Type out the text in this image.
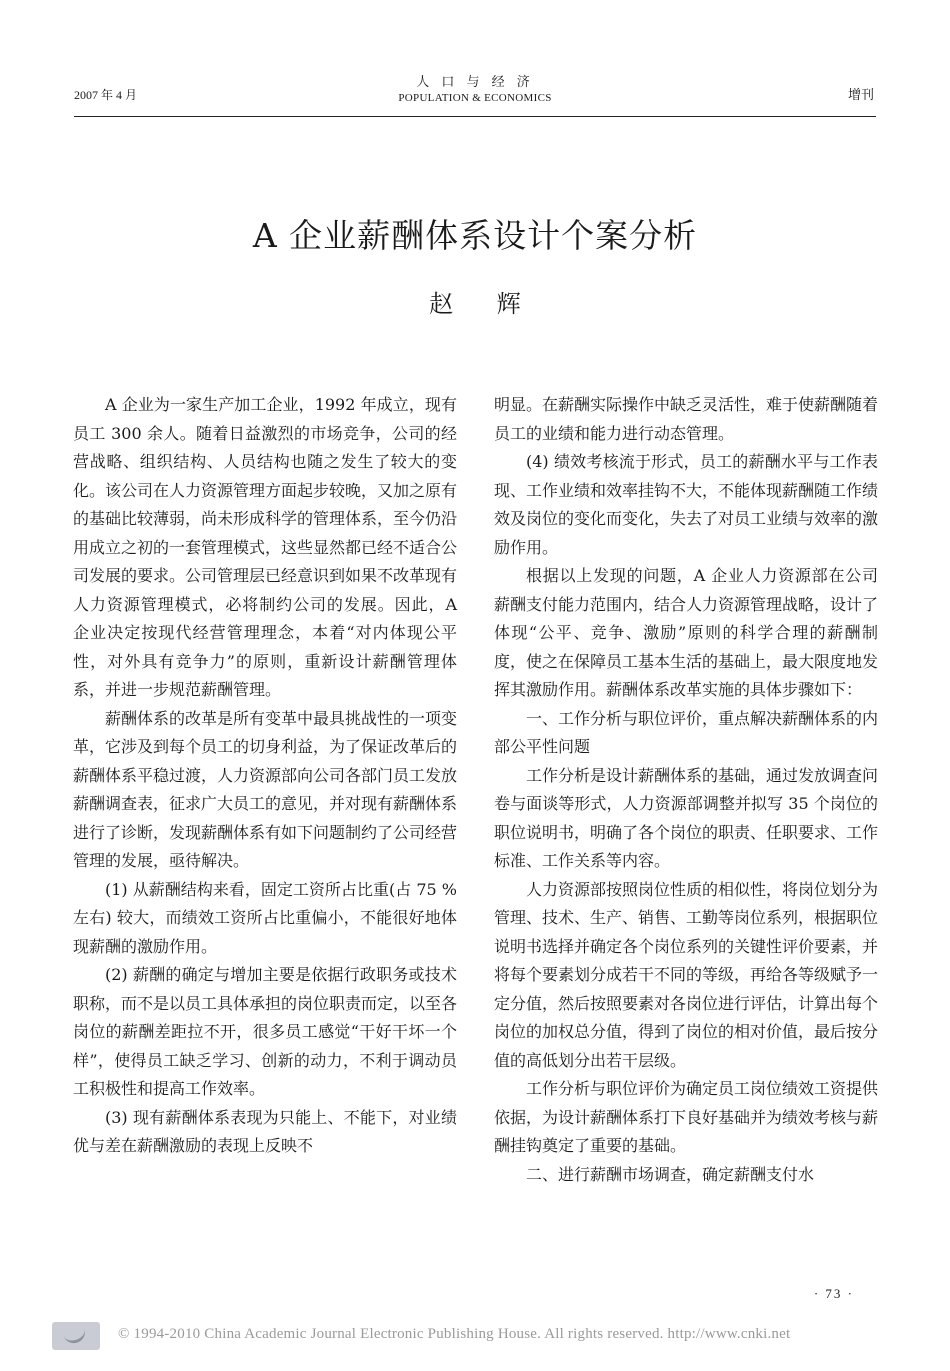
2007 年 4 月
人 口 与 经 济
POPULATION & ECONOMICS	增刊
A 企业薪酬体系设计个案分析
赵 辉

A 企业为一家生产加工企业，1992 年成立，现有员工 300 余人。随着日益激烈的市场竞争，公司的经营战略、组织结构、人员结构也随之发生了较大的变化。该公司在人力资源管理方面起步较晚，又加之原有的基础比较薄弱，尚未形成科学的管理体系，至今仍沿用成立之初的一套管理模式，这些显然都已经不适合公司发展的要求。公司管理层已经意识到如果不改革现有人力资源管理模式，必将制约公司的发展。因此，A 企业决定按现代经营管理理念，本着“对内体现公平性，对外具有竞争力”的原则，重新设计薪酬管理体系，并进一步规范薪酬管理。

薪酬体系的改革是所有变革中最具挑战性的一项变革，它涉及到每个员工的切身利益，为了保证改革后的薪酬体系平稳过渡，人力资源部向公司各部门员工发放薪酬调查表，征求广大员工的意见，并对现有薪酬体系进行了诊断，发现薪酬体系有如下问题制约了公司经营管理的发展，亟待解决。

(1) 从薪酬结构来看，固定工资所占比重(占 75 %左右) 较大，而绩效工资所占比重偏小，不能很好地体现薪酬的激励作用。

(2) 薪酬的确定与增加主要是依据行政职务或技术职称，而不是以员工具体承担的岗位职责而定，以至各岗位的薪酬差距拉不开，很多员工感觉“干好干坏一个样”，使得员工缺乏学习、创新的动力，不利于调动员工积极性和提高工作效率。

(3) 现有薪酬体系表现为只能上、不能下，对业绩优与差在薪酬激励的表现上反映不

明显。在薪酬实际操作中缺乏灵活性，难于使薪酬随着员工的业绩和能力进行动态管理。

(4) 绩效考核流于形式，员工的薪酬水平与工作表现、工作业绩和效率挂钩不大，不能体现薪酬随工作绩效及岗位的变化而变化，失去了对员工业绩与效率的激励作用。

根据以上发现的问题，A 企业人力资源部在公司薪酬支付能力范围内，结合人力资源管理战略，设计了体现“公平、竞争、激励”原则的科学合理的薪酬制度，使之在保障员工基本生活的基础上，最大限度地发挥其激励作用。薪酬体系改革实施的具体步骤如下：

一、工作分析与职位评价，重点解决薪酬体系的内部公平性问题

工作分析是设计薪酬体系的基础，通过发放调查问卷与面谈等形式，人力资源部调整并拟写 35 个岗位的职位说明书，明确了各个岗位的职责、任职要求、工作标准、工作关系等内容。

人力资源部按照岗位性质的相似性，将岗位划分为管理、技术、生产、销售、工勤等岗位系列，根据职位说明书选择并确定各个岗位系列的关键性评价要素，并将每个要素划分成若干不同的等级，再给各等级赋予一定分值，然后按照要素对各岗位进行评估，计算出每个岗位的加权总分值，得到了岗位的相对价值，最后按分值的高低划分出若干层级。

工作分析与职位评价为确定员工岗位绩效工资提供依据，为设计薪酬体系打下良好基础并为绩效考核与薪酬挂钩奠定了重要的基础。

二、进行薪酬市场调查，确定薪酬支付水

· 73 ·
© 1994-2010 China Academic Journal Electronic Publishing House. All rights reserved. http://www.cnki.net
